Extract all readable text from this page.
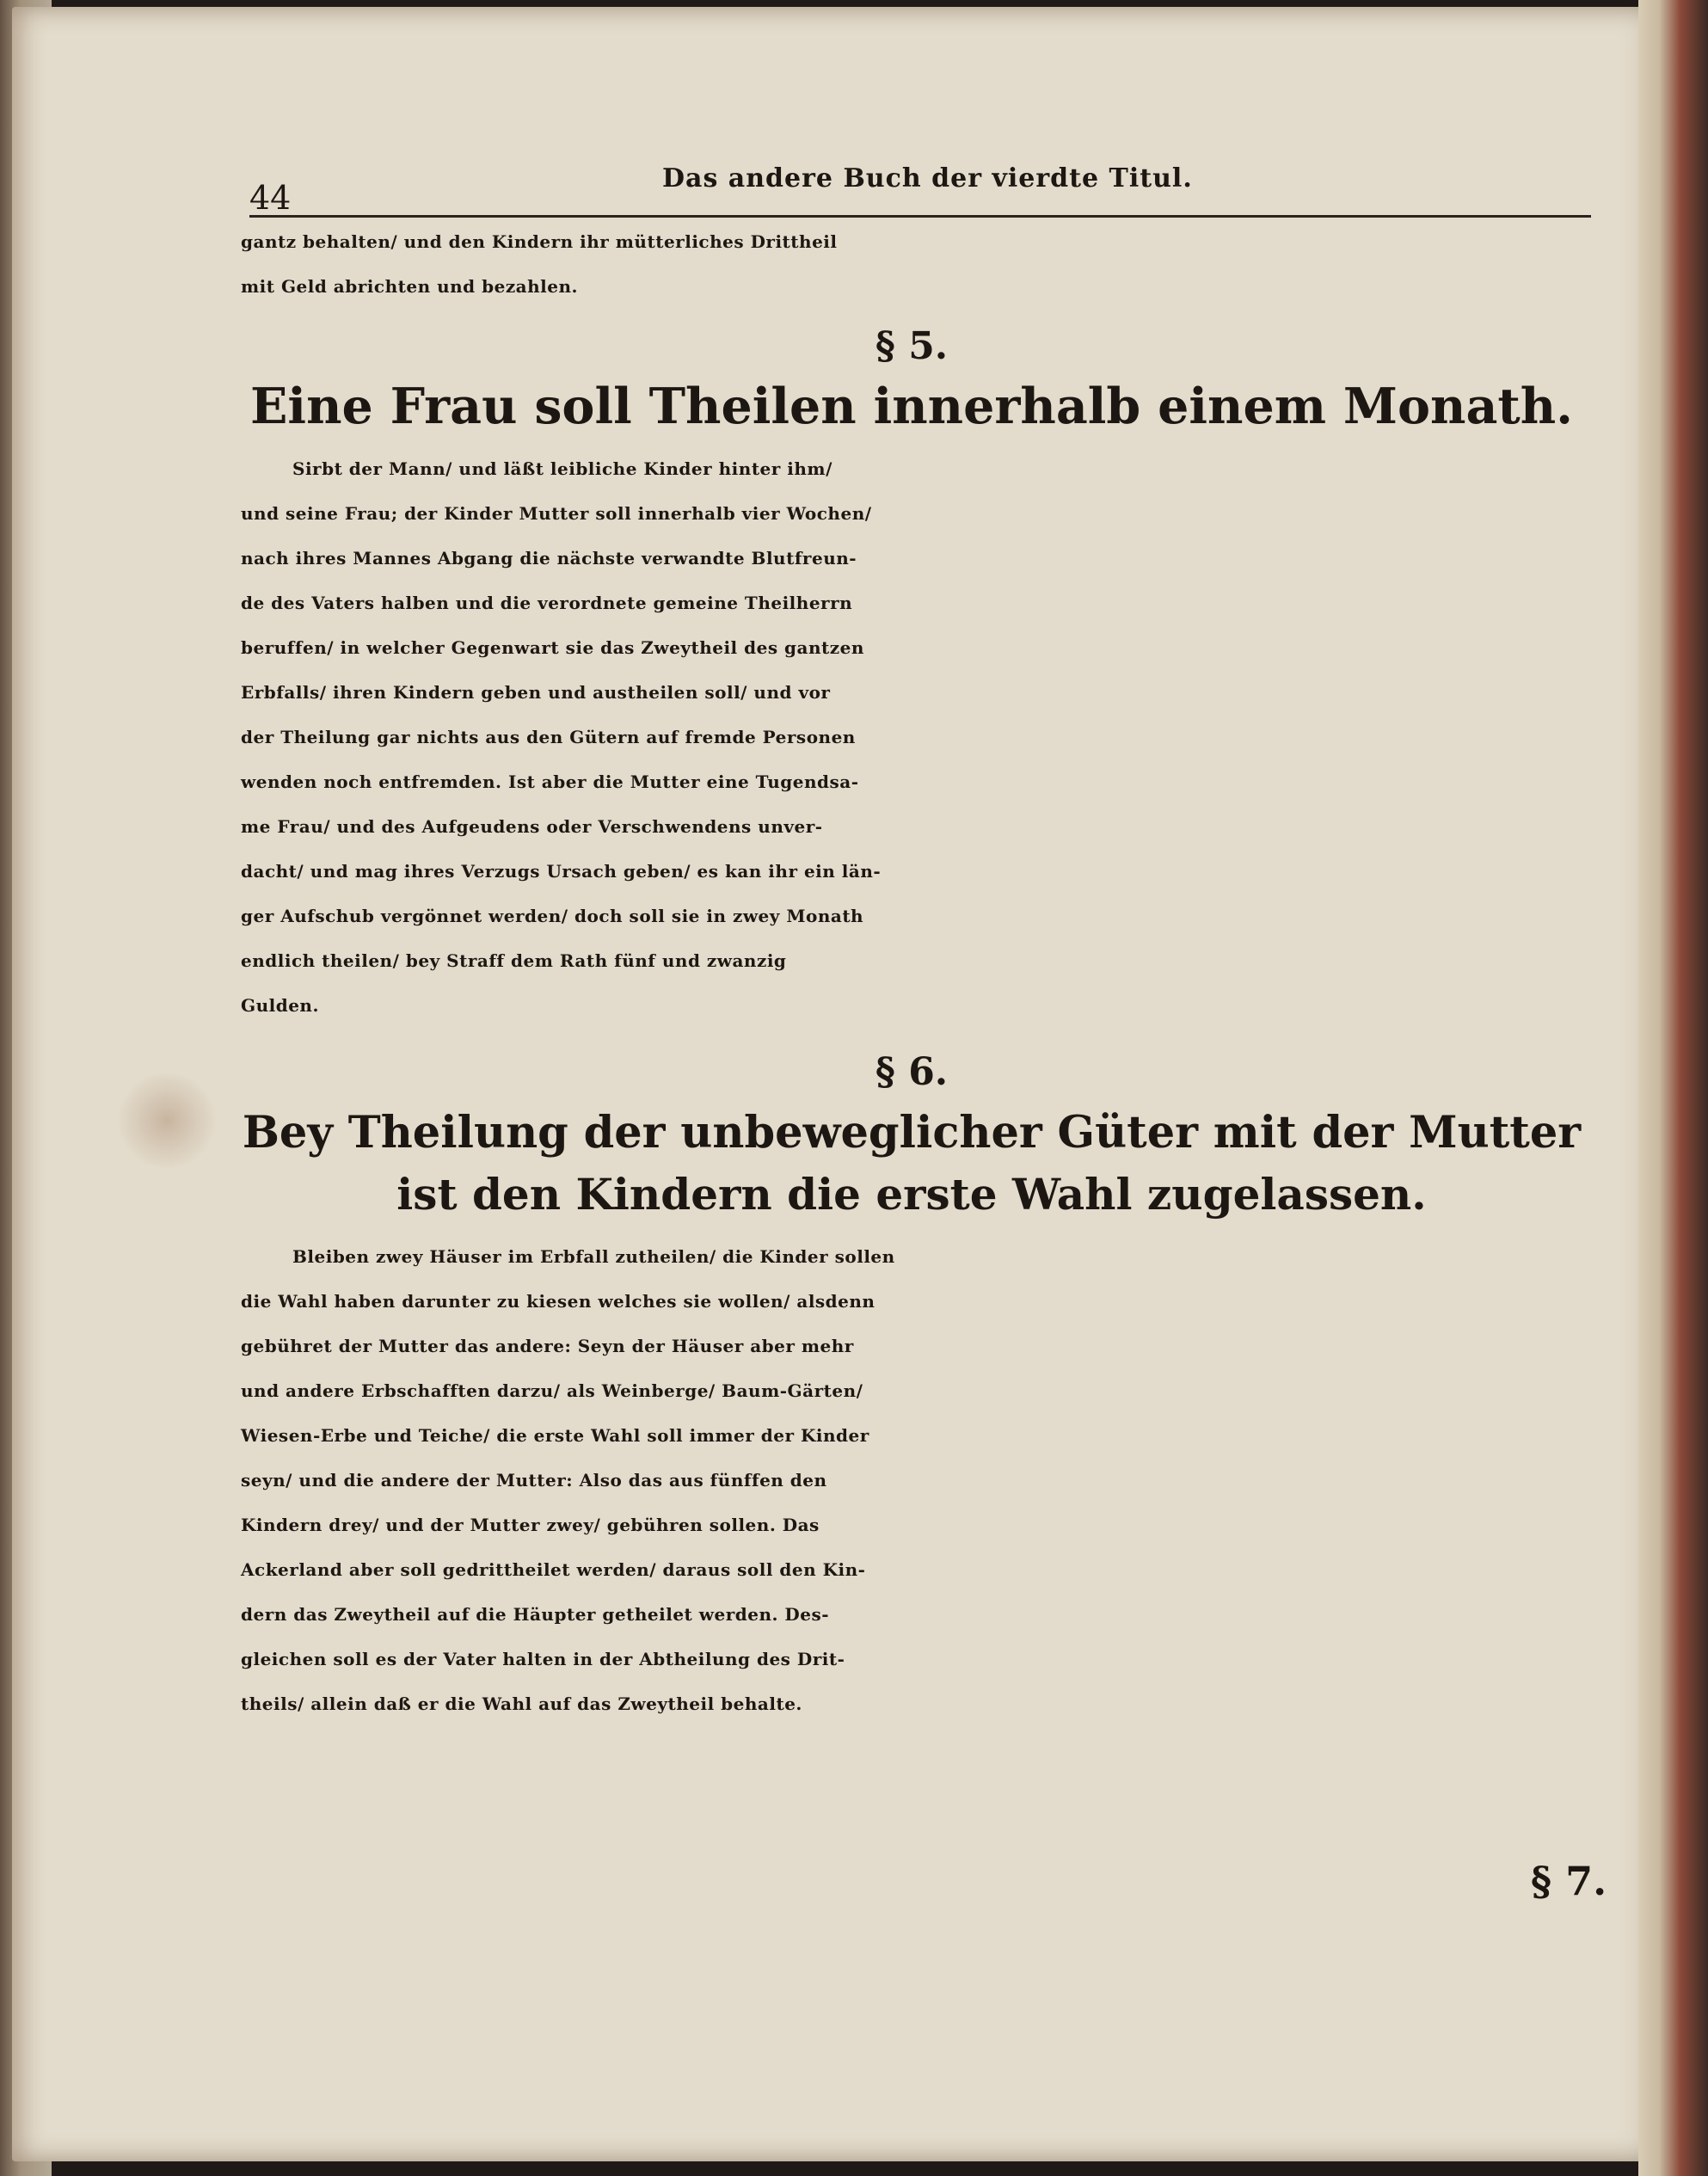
44
Das andere Buch der vierdte Titul.
gantz behalten/ und den Kindern ihr mütterliches Drittheil
mit Geld abrichten und bezahlen.
§ 5.
Eine Frau soll Theilen innerhalb einem Monath.
Sirbt der Mann/ und läßt leibliche Kinder hinter ihm/
und seine Frau; der Kinder Mutter soll innerhalb vier Wochen/
nach ihres Mannes Abgang die nächste verwandte Blutfreun-
de des Vaters halben und die verordnete gemeine Theilherrn
beruffen/ in welcher Gegenwart sie das Zweytheil des gantzen
Erbfalls/ ihren Kindern geben und austheilen soll/ und vor
der Theilung gar nichts aus den Gütern auf fremde Personen
wenden noch entfremden. Ist aber die Mutter eine Tugendsa-
me Frau/ und des Aufgeudens oder Verschwendens unver-
dacht/ und mag ihres Verzugs Ursach geben/ es kan ihr ein län-
ger Aufschub vergönnet werden/ doch soll sie in zwey Monath
endlich theilen/ bey Straff dem Rath fünf und zwanzig
Gulden.
§ 6.
Bey Theilung der unbeweglicher Güter mit der Mutter
ist den Kindern die erste Wahl zugelassen.
Bleiben zwey Häuser im Erbfall zutheilen/ die Kinder sollen
die Wahl haben darunter zu kiesen welches sie wollen/ alsdenn
gebühret der Mutter das andere: Seyn der Häuser aber mehr
und andere Erbschafften darzu/ als Weinberge/ Baum-Gärten/
Wiesen-Erbe und Teiche/ die erste Wahl soll immer der Kinder
seyn/ und die andere der Mutter: Also das aus fünffen den
Kindern drey/ und der Mutter zwey/ gebühren sollen. Das
Ackerland aber soll gedrittheilet werden/ daraus soll den Kin-
dern das Zweytheil auf die Häupter getheilet werden. Des-
gleichen soll es der Vater halten in der Abtheilung des Drit-
theils/ allein daß er die Wahl auf das Zweytheil behalte.
§ 7.
